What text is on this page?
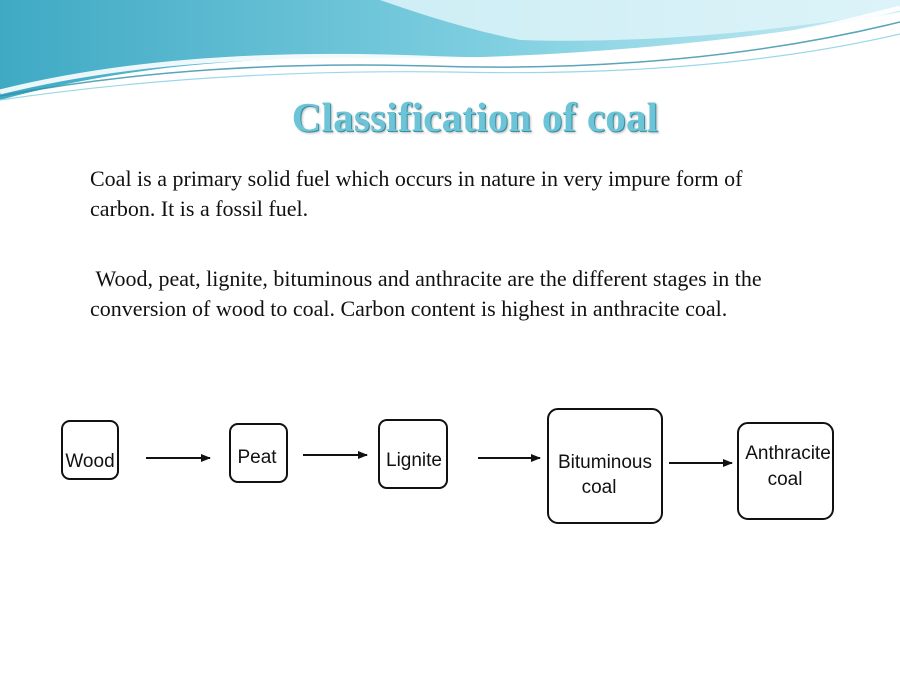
Classification of coal

Coal is a primary solid fuel which occurs in nature in very impure form of carbon. It is a fossil fuel.

Wood, peat, lignite, bituminous and anthracite are the different stages in the conversion of wood to coal. Carbon content is highest in anthracite coal.

Wood	Peat	Lignite	Bituminous
coal
Anthracite
coal
